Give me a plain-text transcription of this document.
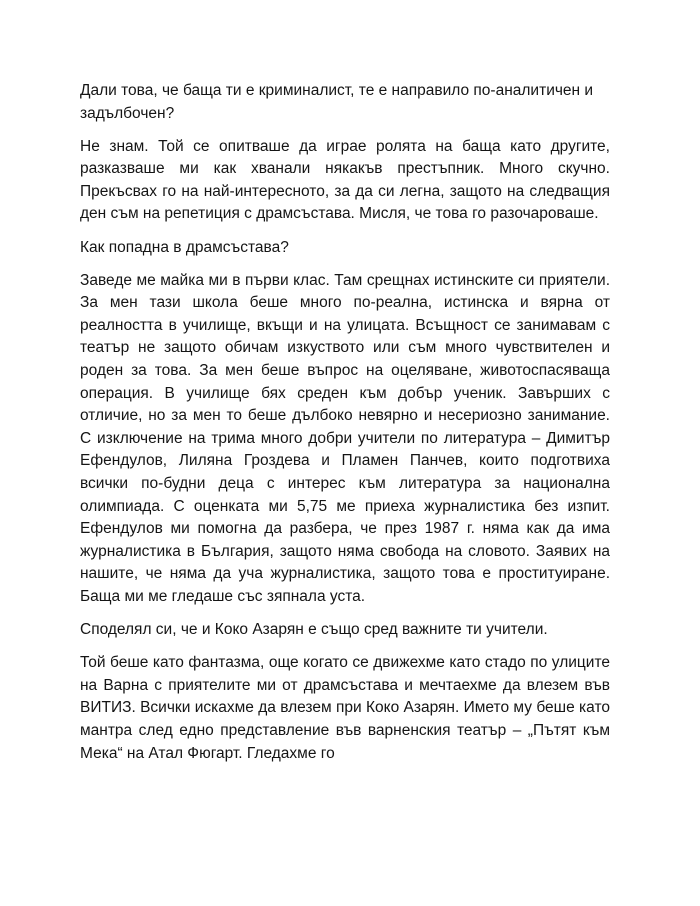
Дали това, че баща ти е криминалист, те е направило по-аналитичен и задълбочен?

Не знам. Той се опитваше да играе ролята на баща като другите, разказваше ми как хванали някакъв престъпник. Много скучно. Прекъсвах го на най-интересното, за да си легна, защото на следващия ден съм на репетиция с драмсъстава. Мисля, че това го разочароваше.

Как попадна в драмсъстава?

Заведе ме майка ми в първи клас. Там срещнах истинските си приятели. За мен тази школа беше много по-реална, истинска и вярна от реалността в училище, вкъщи и на улицата. Всъщност се занимавам с театър не защото обичам изкуството или съм много чувствителен и роден за това. За мен беше въпрос на оцеляване, животоспасяваща операция. В училище бях среден към добър ученик. Завърших с отличие, но за мен то беше дълбоко невярно и несериозно занимание. С изключение на трима много добри учители по литература – Димитър Ефендулов, Лиляна Гроздева и Пламен Панчев, които подготвиха всички по-будни деца с интерес към литература за национална олимпиада. С оценката ми 5,75 ме приеха журналистика без изпит. Ефендулов ми помогна да разбера, че през 1987 г. няма как да има журналистика в България, защото няма свобода на словото. Заявих на нашите, че няма да уча журналистика, защото това е проституиране. Баща ми ме гледаше със зяпнала уста.

Споделял си, че и Коко Азарян е също сред важните ти учители.

Той беше като фантазма, още когато се движехме като стадо по улиците на Варна с приятелите ми от драмсъстава и мечтаехме да влезем във ВИТИЗ. Всички искахме да влезем при Коко Азарян. Името му беше като мантра след едно представление във варненския театър – „Пътят към Мека“ на Атал Фюгарт. Гледахме го
